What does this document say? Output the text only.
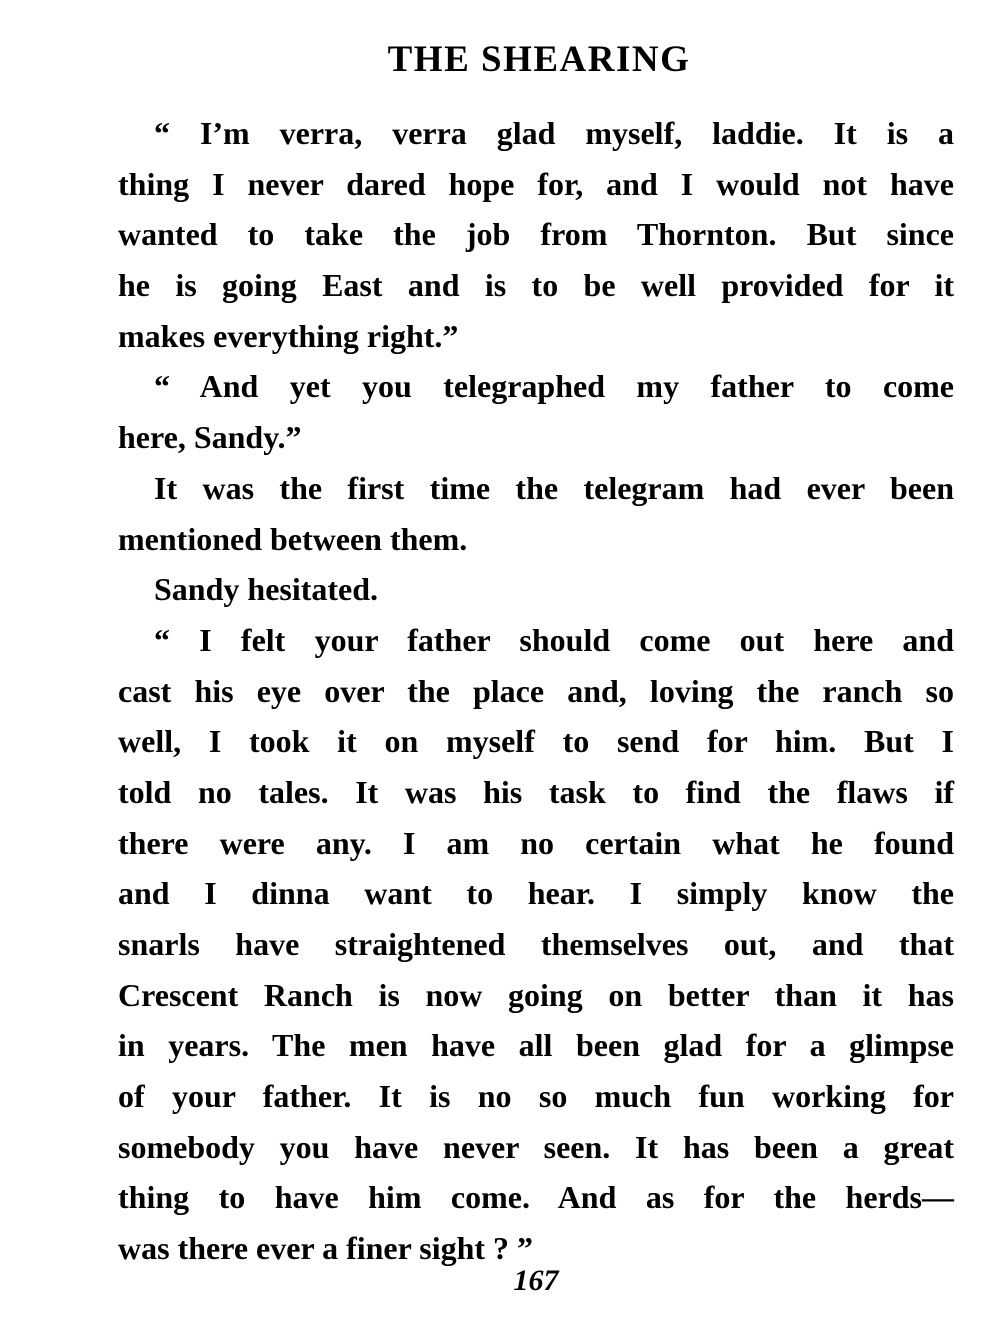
THE SHEARING
“ I’m verra, verra glad myself, laddie. It is a
thing I never dared hope for, and I would not have
wanted to take the job from Thornton. But since
he is going East and is to be well provided for it
makes everything right.”
“ And yet you telegraphed my father to come
here, Sandy.”
It was the first time the telegram had ever been
mentioned between them.
Sandy hesitated.
“ I felt your father should come out here and
cast his eye over the place and, loving the ranch so
well, I took it on myself to send for him. But I
told no tales. It was his task to find the flaws if
there were any. I am no certain what he found
and I dinna want to hear. I simply know the
snarls have straightened themselves out, and that
Crescent Ranch is now going on better than it has
in years. The men have all been glad for a glimpse
of your father. It is no so much fun working for
somebody you have never seen. It has been a great
thing to have him come. And as for the herds—
was there ever a finer sight ? ”
167
